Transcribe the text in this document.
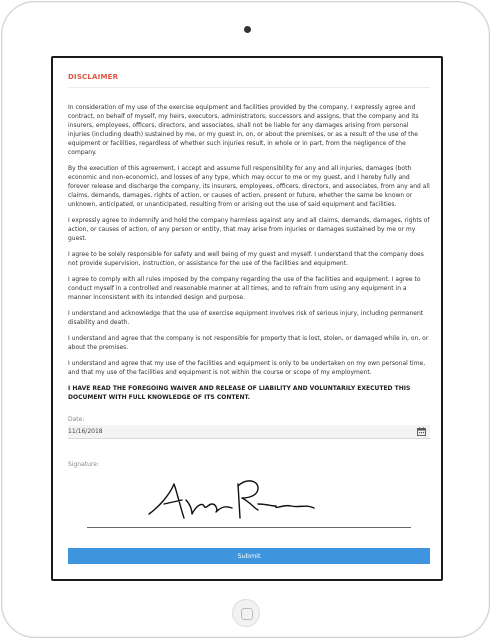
DISCLAIMER

In consideration of my use of the exercise equipment and facilities provided by the company, I expressly agree and contract, on behalf of myself, my heirs, executors, administrators, successors and assigns, that the company and its insurers, employees, officers, directors, and associates, shall not be liable for any damages arising from personal injuries (including death) sustained by me, or my guest in, on, or about the premises, or as a result of the use of the equipment or facilities, regardless of whether such injuries result, in whole or in part, from the negligence of the company.

By the execution of this agreement, I accept and assume full responsibility for any and all injuries, damages (both economic and non-economic), and losses of any type, which may occur to me or my guest, and I hereby fully and forever release and discharge the company, its insurers, employees, officers, directors, and associates, from any and all claims, demands, damages, rights of action, or causes of action, present or future, whether the same be known or unknown, anticipated, or unanticipated, resulting from or arising out the use of said equipment and facilities.

I expressly agree to indemnify and hold the company harmless against any and all claims, demands, damages, rights of action, or causes of action, of any person or entity, that may arise from injuries or damages sustained by me or my guest.

I agree to be solely responsible for safety and well being of my guest and myself. I understand that the company does not provide supervision, instruction, or assistance for the use of the facilities and equipment.

I agree to comply with all rules imposed by the company regarding the use of the facilities and equipment. I agree to conduct myself in a controlled and reasonable manner at all times, and to refrain from using any equipment in a manner inconsistent with its intended design and purpose.

I understand and acknowledge that the use of exercise equipment involves risk of serious injury, including permanent disability and death.

I understand and agree that the company is not responsible for property that is lost, stolen, or damaged while in, on, or about the premises.

I understand and agree that my use of the facilities and equipment is only to be undertaken on my own personal time, and that my use of the facilities and equipment is not within the course or scope of my employment.

I HAVE READ THE FOREGOING WAIVER AND RELEASE OF LIABILITY AND VOLUNTARILY EXECUTED THIS DOCUMENT WITH FULL KNOWLEDGE OF ITS CONTENT.

Date:
11/16/2018
Signature:
Submit
